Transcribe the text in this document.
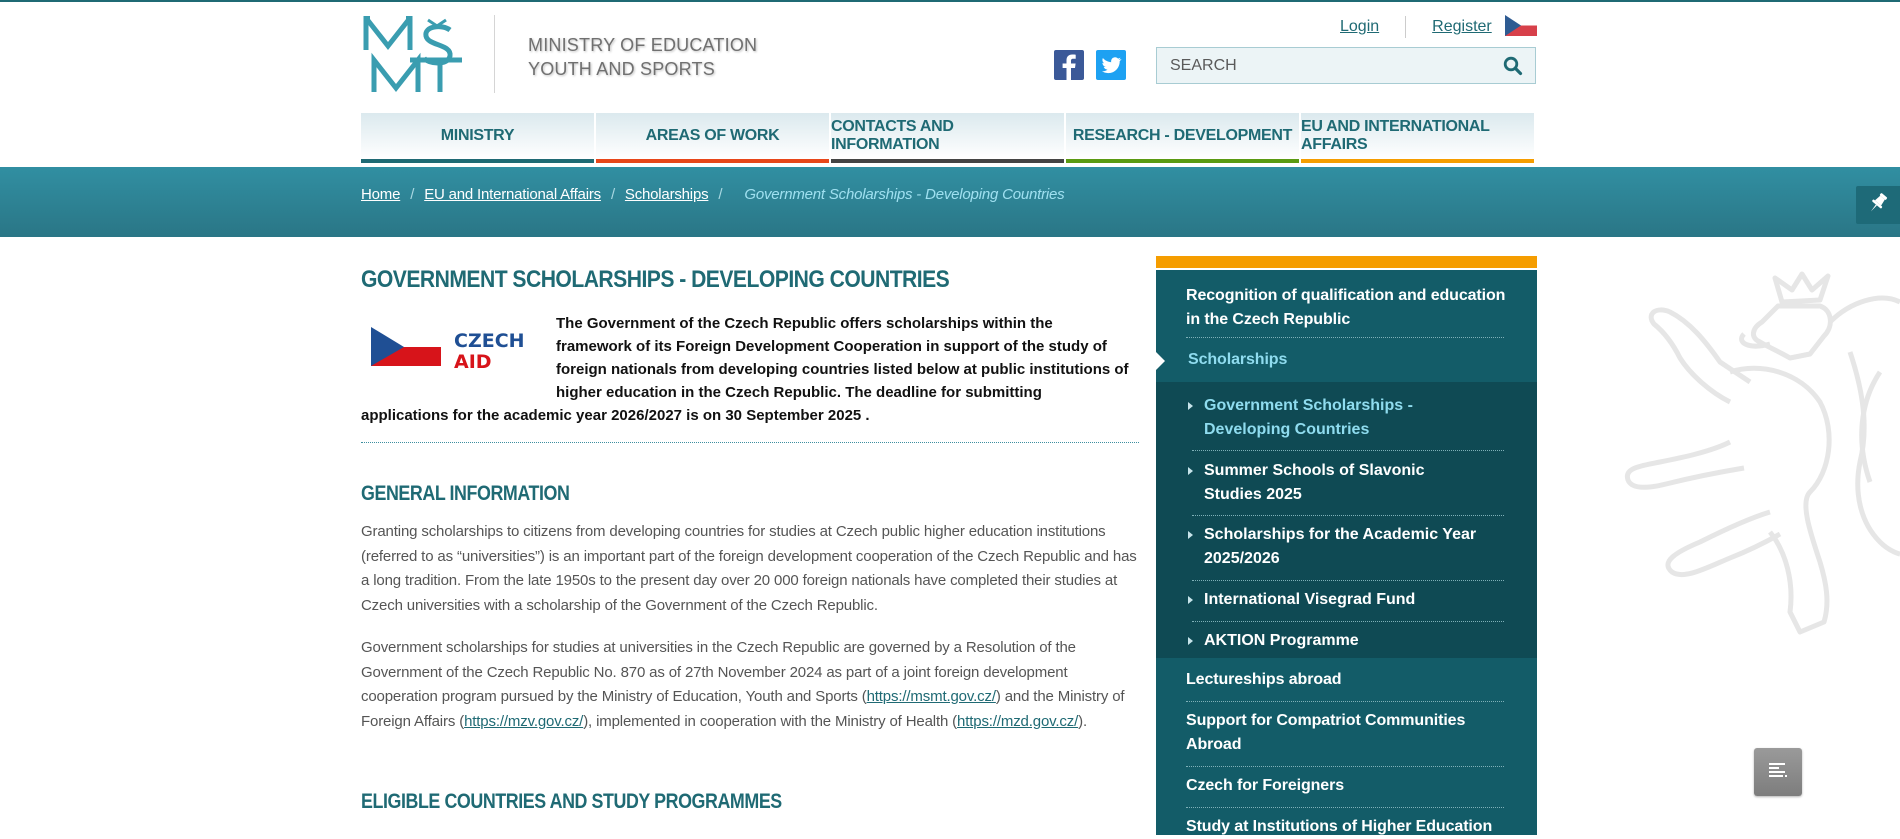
MINISTRY OF EDUCATION
YOUTH AND SPORTS
Login	Register
SEARCH
MINISTRY	AREAS OF WORK
CONTACTS AND INFORMATION
RESEARCH - DEVELOPMENT
EU AND INTERNATIONAL AFFAIRS
Home / EU and International Affairs / Scholarships / Government Scholarships - Developing Countries
GOVERNMENT SCHOLARSHIPS - DEVELOPING COUNTRIES
CZECH
AID
The Government of the Czech Republic offers scholarships within the framework of its Foreign Development Cooperation in support of the study of foreign nationals from developing countries listed below at public institutions of higher education in the Czech Republic. The deadline for submitting applications for the academic year 2026/2027 is on 30 September 2025 .
GENERAL INFORMATION

Granting scholarships to citizens from developing countries for studies at Czech public higher education institutions (referred to as “universities”) is an important part of the foreign development cooperation of the Czech Republic and has a long tradition. From the late 1950s to the present day over 20 000 foreign nationals have completed their studies at Czech universities with a scholarship of the Government of the Czech Republic.

Government scholarships for studies at universities in the Czech Republic are governed by a Resolution of the Government of the Czech Republic No. 870 as of 27th November 2024 as part of a joint foreign development cooperation program pursued by the Ministry of Education, Youth and Sports (https://msmt.gov.cz/) and the Ministry of Foreign Affairs (https://mzv.gov.cz/), implemented in cooperation with the Ministry of Health (https://mzd.gov.cz/).

ELIGIBLE COUNTRIES AND STUDY PROGRAMMES
Recognition of qualification and education in the Czech Republic
Scholarships
Government Scholarships - Developing Countries
Summer Schools of Slavonic Studies 2025
Scholarships for the Academic Year 2025/2026
International Visegrad Fund
AKTION Programme
Lectureships abroad
Support for Compatriot Communities Abroad
Czech for Foreigners
Study at Institutions of Higher Education
